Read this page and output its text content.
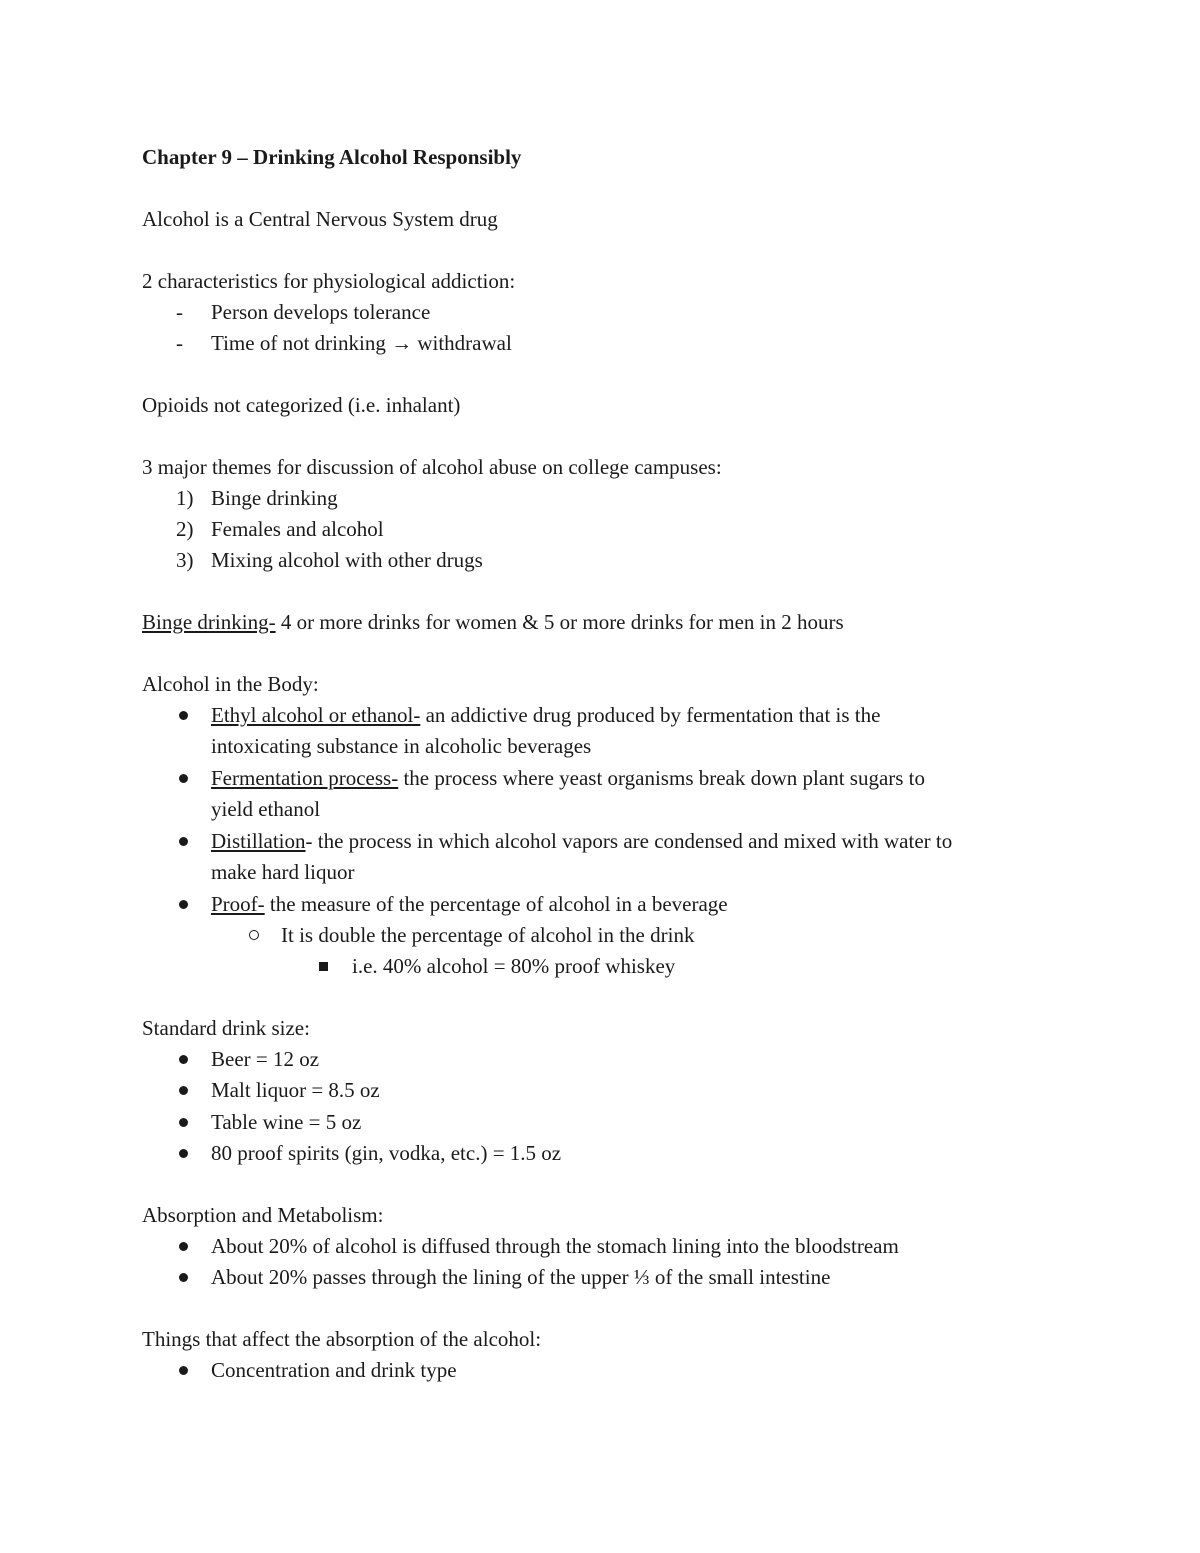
Chapter 9 – Drinking Alcohol Responsibly
Alcohol is a Central Nervous System drug
2 characteristics for physiological addiction:
- Person develops tolerance
- Time of not drinking → withdrawal
Opioids not categorized (i.e. inhalant)
3 major themes for discussion of alcohol abuse on college campuses:
1) Binge drinking
2) Females and alcohol
3) Mixing alcohol with other drugs
Binge drinking- 4 or more drinks for women & 5 or more drinks for men in 2 hours
Alcohol in the Body:
Ethyl alcohol or ethanol- an addictive drug produced by fermentation that is the
intoxicating substance in alcoholic beverages
Fermentation process- the process where yeast organisms break down plant sugars to
yield ethanol
Distillation- the process in which alcohol vapors are condensed and mixed with water to
make hard liquor
Proof- the measure of the percentage of alcohol in a beverage
It is double the percentage of alcohol in the drink
i.e. 40% alcohol = 80% proof whiskey
Standard drink size:
Beer = 12 oz
Malt liquor = 8.5 oz
Table wine = 5 oz
80 proof spirits (gin, vodka, etc.) = 1.5 oz
Absorption and Metabolism:
About 20% of alcohol is diffused through the stomach lining into the bloodstream
About 20% passes through the lining of the upper ⅓ of the small intestine
Things that affect the absorption of the alcohol:
Concentration and drink type
